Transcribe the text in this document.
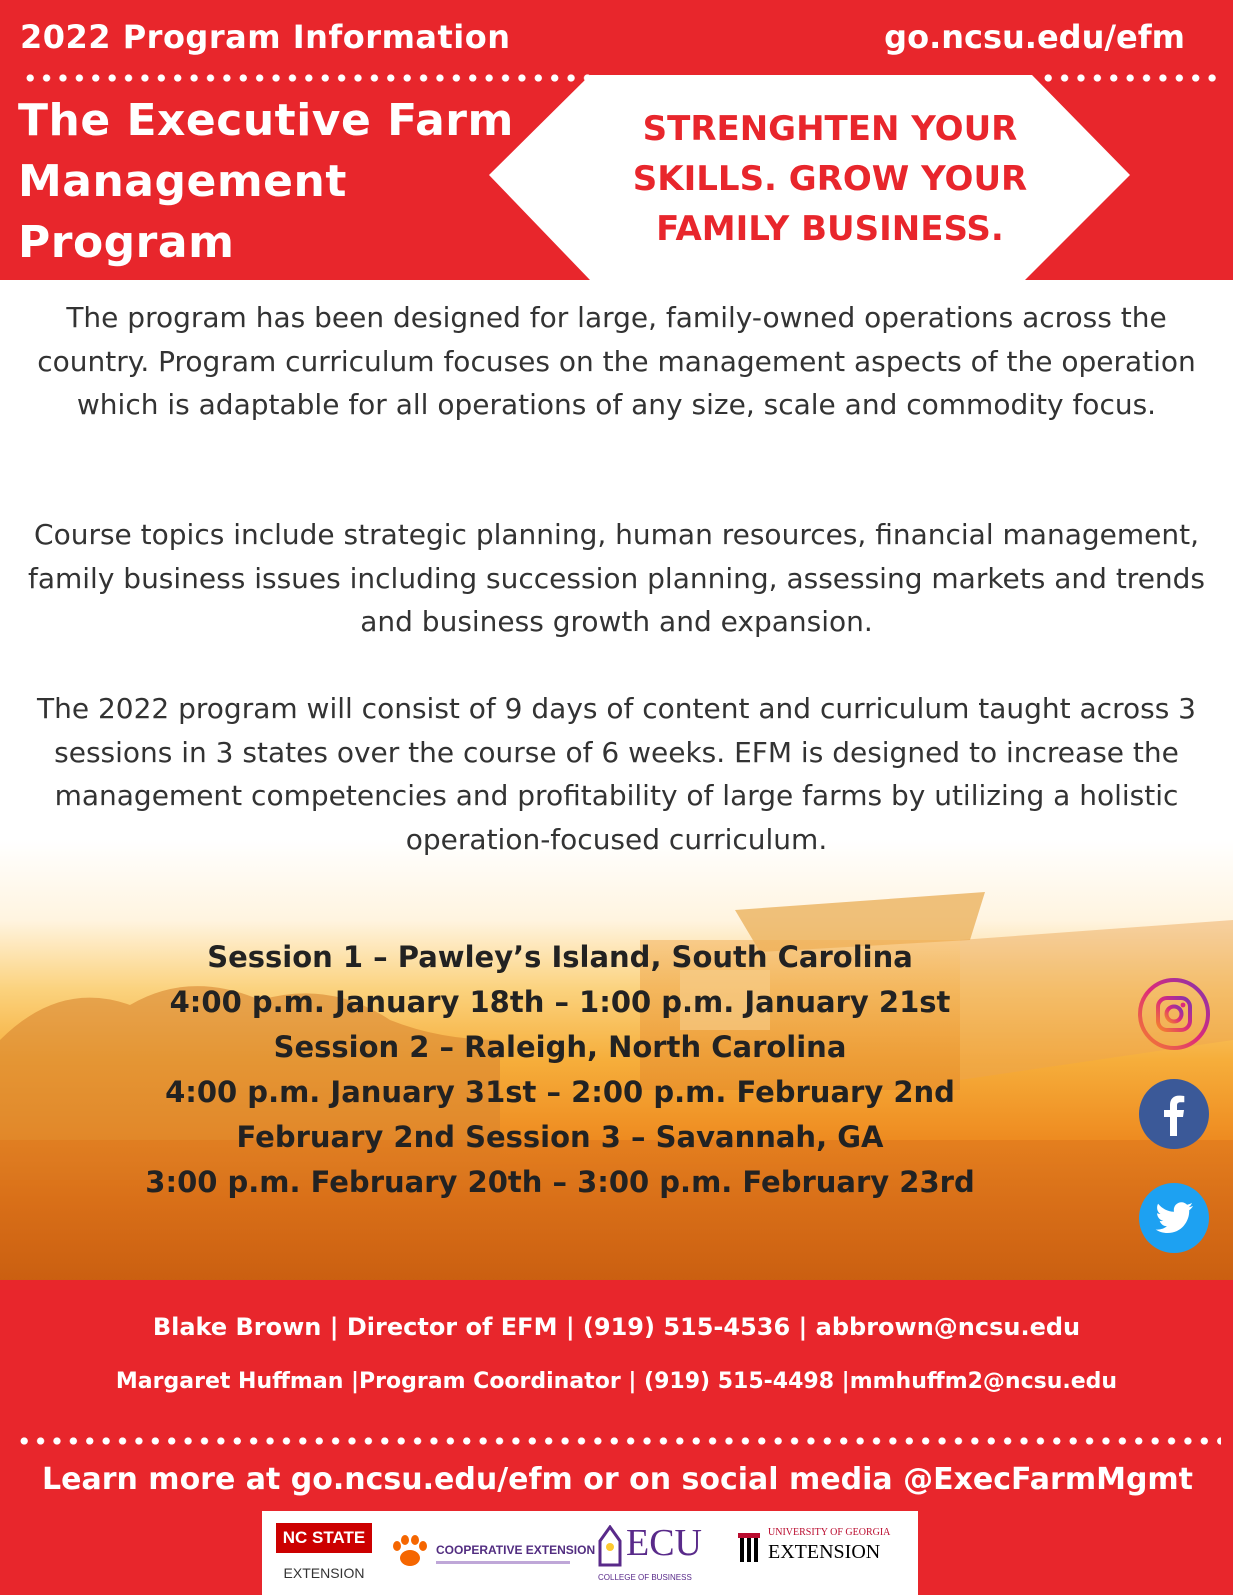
2022 Program Information	go.ncsu.edu/efm
The Executive Farm
Management
Program
STRENGHTEN YOUR
SKILLS. GROW YOUR
FAMILY BUSINESS.
The program has been designed for large, family-owned operations across the country. Program curriculum focuses on the management aspects of the operation which is adaptable for all operations of any size, scale and commodity focus.
Course topics include strategic planning, human resources, financial management, family business issues including succession planning, assessing markets and trends and business growth and expansion.
The 2022 program will consist of 9 days of content and curriculum taught across 3 sessions in 3 states over the course of 6 weeks. EFM is designed to increase the management competencies and profitability of large farms by utilizing a holistic operation-focused curriculum.
Session 1 – Pawley’s Island, South Carolina
4:00 p.m. January 18th – 1:00 p.m. January 21st
Session 2 – Raleigh, North Carolina
4:00 p.m. January 31st – 2:00 p.m. February 2nd
February 2nd Session 3 – Savannah, GA
3:00 p.m. February 20th – 3:00 p.m. February 23rd
Blake Brown | Director of EFM | (919) 515-4536 | abbrown@ncsu.edu
Margaret Huffman |Program Coordinator | (919) 515-4498 |mmhuffm2@ncsu.edu
Learn more at go.ncsu.edu/efm or on social media @ExecFarmMgmt
NC STATE
EXTENSION
COOPERATIVE EXTENSION ECU
COLLEGE OF BUSINESS
UNIVERSITY OF GEORGIA
EXTENSION
